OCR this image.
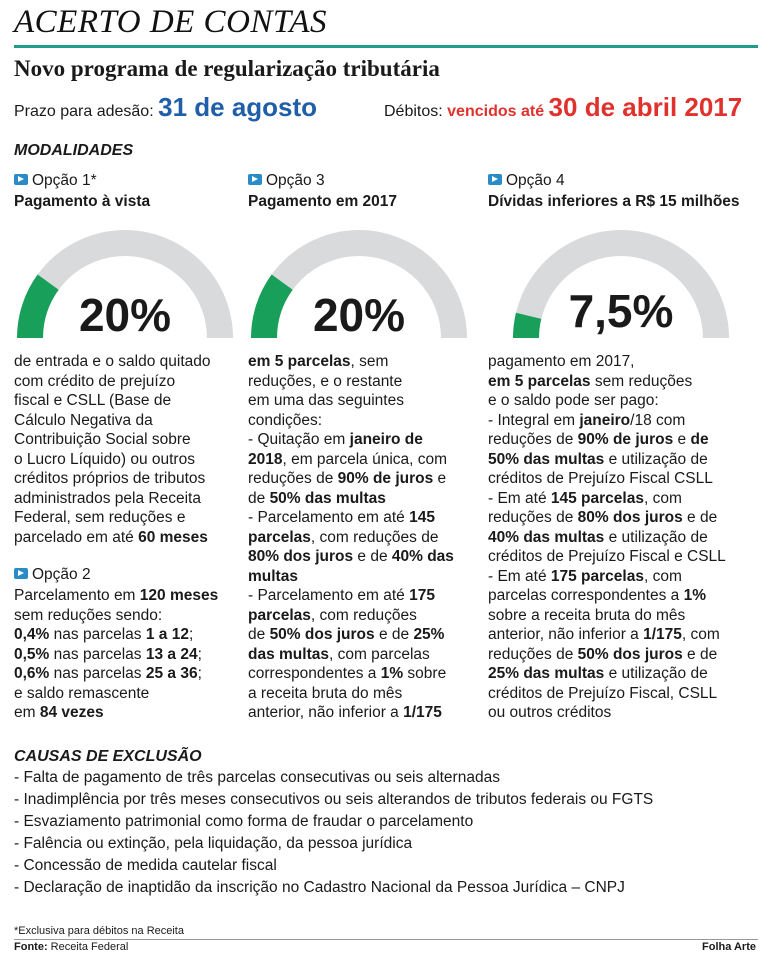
ACERTO DE CONTAS
Novo programa de regularização tributária
Prazo para adesão: 31 de agosto	Débitos: vencidos até 30 de abril 2017
MODALIDADES
Opção 1*
Pagamento à vista
20%
de entrada e o saldo quitado
com crédito de prejuízo
fiscal e CSLL (Base de
Cálculo Negativa da
Contribuição Social sobre
o Lucro Líquido) ou outros
créditos próprios de tributos
administrados pela Receita
Federal, sem reduções e
parcelado em até 60 meses
Opção 2
Parcelamento em 120 meses
sem reduções sendo:
0,4% nas parcelas 1 a 12;
0,5% nas parcelas 13 a 24;
0,6% nas parcelas 25 a 36;
e saldo remascente
em 84 vezes
Opção 3
Pagamento em 2017
20%
em 5 parcelas, sem
reduções, e o restante
em uma das seguintes
condições:
- Quitação em janeiro de
2018, em parcela única, com
reduções de 90% de juros e
de 50% das multas
- Parcelamento em até 145
parcelas, com reduções de
80% dos juros e de 40% das
multas
- Parcelamento em até 175
parcelas, com reduções
de 50% dos juros e de 25%
das multas, com parcelas
correspondentes a 1% sobre
a receita bruta do mês
anterior, não inferior a 1/175
Opção 4
Dívidas inferiores a R$ 15 milhões
7,5%
pagamento em 2017,
em 5 parcelas sem reduções
e o saldo pode ser pago:
- Integral em janeiro/18 com
reduções de 90% de juros e de
50% das multas e utilização de
créditos de Prejuízo Fiscal CSLL
- Em até 145 parcelas, com
reduções de 80% dos juros e de
40% das multas e utilização de
créditos de Prejuízo Fiscal e CSLL
- Em até 175 parcelas, com
parcelas correspondentes a 1%
sobre a receita bruta do mês
anterior, não inferior a 1/175, com
reduções de 50% dos juros e de
25% das multas e utilização de
créditos de Prejuízo Fiscal, CSLL
ou outros créditos
CAUSAS DE EXCLUSÃO
- Falta de pagamento de três parcelas consecutivas ou seis alternadas
- Inadimplência por três meses consecutivos ou seis alterandos de tributos federais ou FGTS
- Esvaziamento patrimonial como forma de fraudar o parcelamento
- Falência ou extinção, pela liquidação, da pessoa jurídica
- Concessão de medida cautelar fiscal
- Declaração de inaptidão da inscrição no Cadastro Nacional da Pessoa Jurídica – CNPJ
*Exclusiva para débitos na Receita
Fonte: Receita Federal	Folha Arte
